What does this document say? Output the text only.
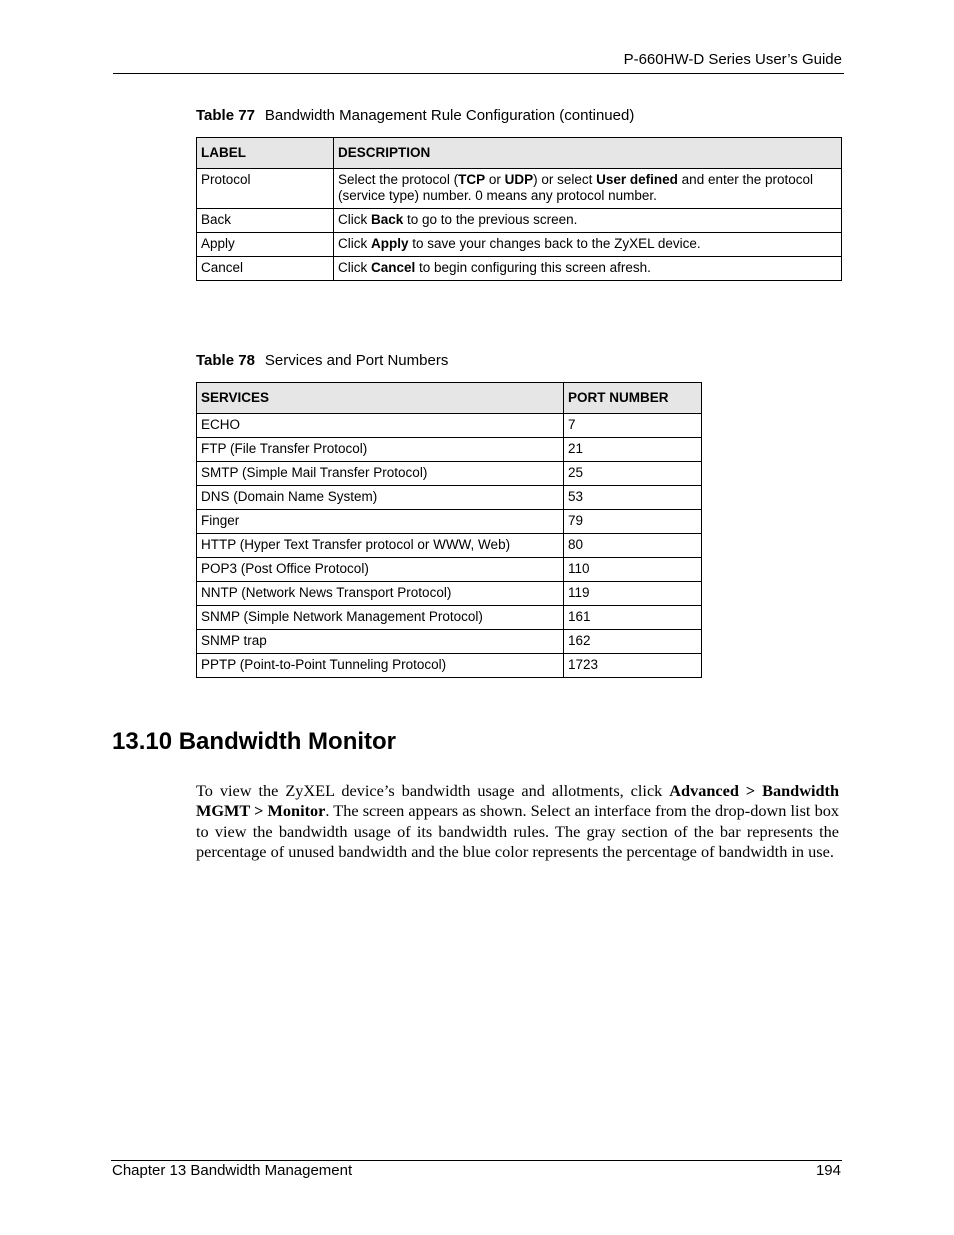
P-660HW-D Series User’s Guide
Table 77 Bandwidth Management Rule Configuration (continued)
LABEL	DESCRIPTION
Protocol	Select the protocol (TCP or UDP) or select User defined and enter the protocol (service type) number. 0 means any protocol number.
Back	Click Back to go to the previous screen.
Apply	Click Apply to save your changes back to the ZyXEL device.
Cancel	Click Cancel to begin configuring this screen afresh.
Table 78 Services and Port Numbers
SERVICES	PORT NUMBER
ECHO	7
FTP (File Transfer Protocol)	21
SMTP (Simple Mail Transfer Protocol)	25
DNS (Domain Name System)	53
Finger	79
HTTP (Hyper Text Transfer protocol or WWW, Web)	80
POP3 (Post Office Protocol)	110
NNTP (Network News Transport Protocol)	119
SNMP (Simple Network Management Protocol)	161
SNMP trap	162
PPTP (Point-to-Point Tunneling Protocol)	1723
13.10 Bandwidth Monitor

To view the ZyXEL device’s bandwidth usage and allotments, click Advanced > Bandwidth MGMT > Monitor. The screen appears as shown. Select an interface from the drop-down list box to view the bandwidth usage of its bandwidth rules. The gray section of the bar represents the percentage of unused bandwidth and the blue color represents the percentage of bandwidth in use.

Chapter 13 Bandwidth Management	194
